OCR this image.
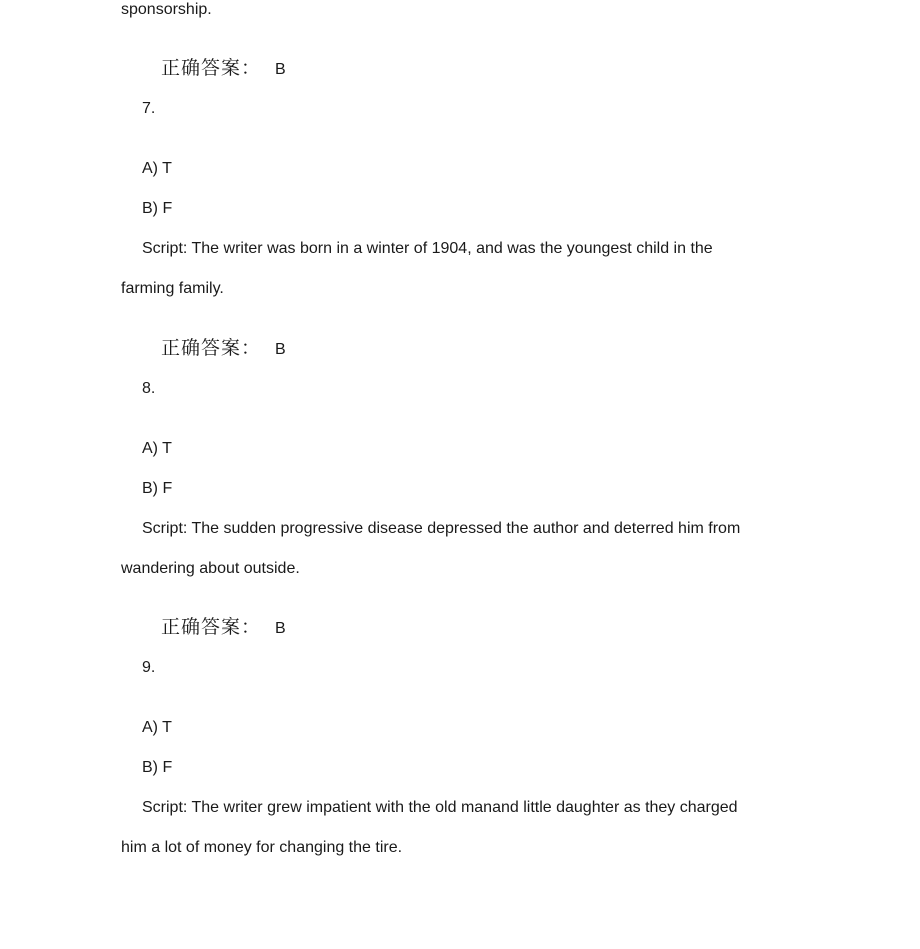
sponsorship.
正确答案： B
7.
A) T
B) F
Script: The writer was born in a winter of 1904, and was the youngest child in the
farming family.
正确答案： B
8.
A) T
B) F
Script: The sudden progressive disease depressed the author and deterred him from
wandering about outside.
正确答案： B
9.
A) T
B) F
Script: The writer grew impatient with the old manand little daughter as they charged
him a lot of money for changing the tire.
